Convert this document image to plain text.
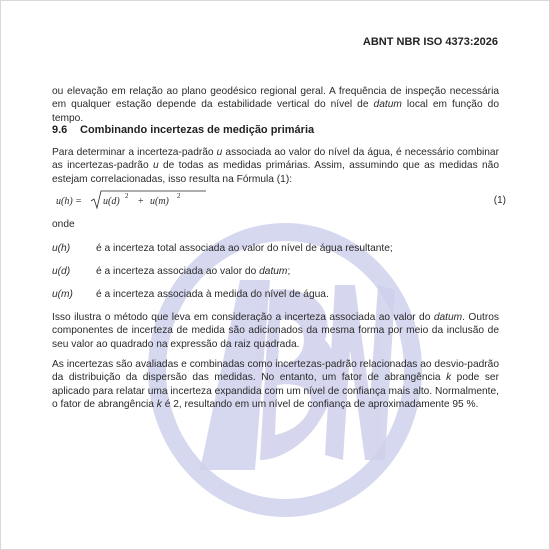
ABNT NBR ISO 4373:2026

ou elevação em relação ao plano geodésico regional geral. A frequência de inspeção necessária em qualquer estação depende da estabilidade vertical do nível de datum local em função do tempo.

9.6 Combinando incertezas de medição primária

Para determinar a incerteza-padrão u associada ao valor do nível da água, é necessário combinar as incertezas-padrão u de todas as medidas primárias. Assim, assumindo que as medidas não estejam correlacionadas, isso resulta na Fórmula (1):

u(h) = u(d) 2 + u(m) 2	(1)
onde
u(h)	é a incerteza total associada ao valor do nível de água resultante;
u(d)	é a incerteza associada ao valor do datum;
u(m) é a incerteza associada à medida do nível de água.

Isso ilustra o método que leva em consideração a incerteza associada ao valor do datum. Outros componentes de incerteza de medida são adicionados da mesma forma por meio da inclusão de seu valor ao quadrado na expressão da raiz quadrada.

As incertezas são avaliadas e combinadas como incertezas-padrão relacionadas ao desvio-padrão da distribuição da dispersão das medidas. No entanto, um fator de abrangência k pode ser aplicado para relatar uma incerteza expandida com um nível de confiança mais alto. Normalmente, o fator de abrangência k é 2, resultando em um nível de confiança de aproximadamente 95 %.
